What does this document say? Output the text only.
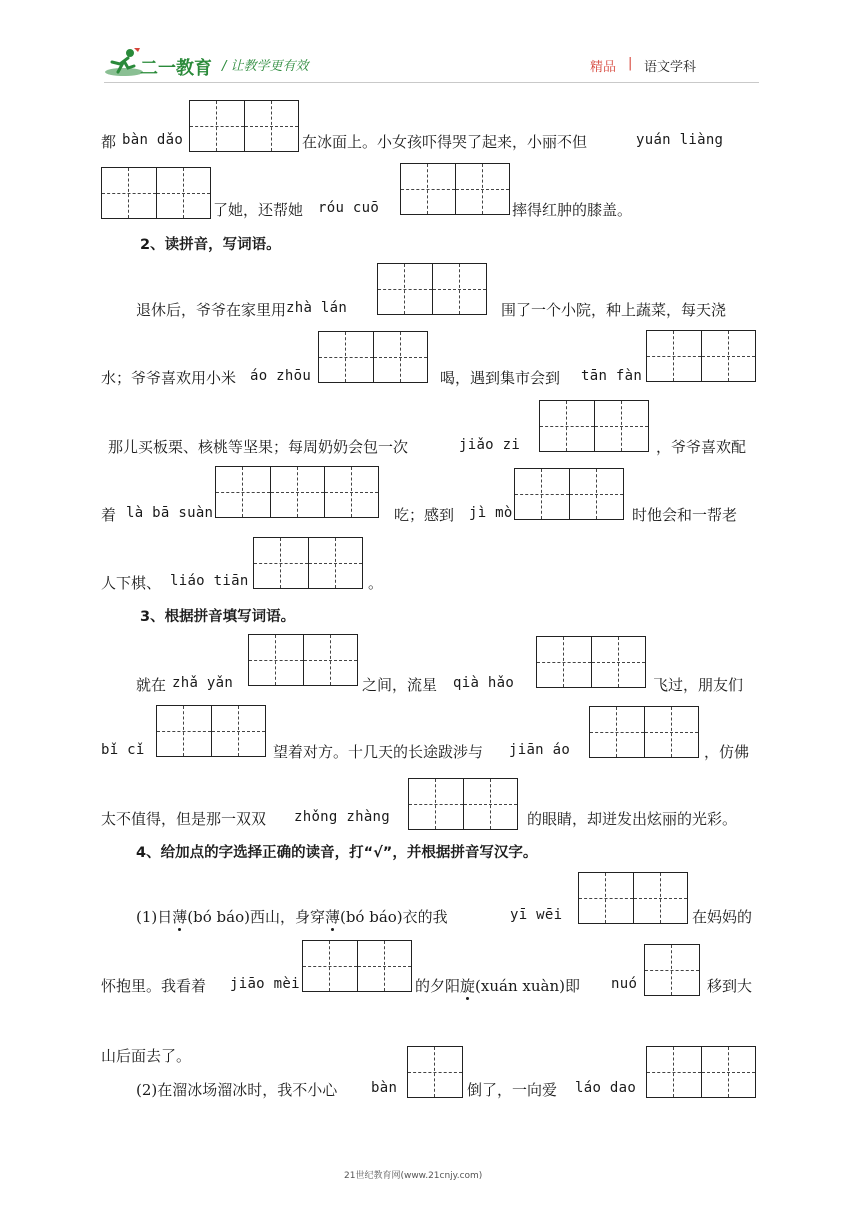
二一教育 / 让教学更有效	精品 | 语文学科
都 bàn dǎo	在冰面上。小女孩吓得哭了起来，小丽不但	yuán liàng
了她，还帮她 róu cuō	摔得红肿的膝盖。
2、读拼音，写词语。
退休后，爷爷在家里用 zhà lán	围了一个小院，种上蔬菜，每天浇
水；爷爷喜欢用小米 áo zhōu	喝，遇到集市会到 tān fàn
那儿买板栗、核桃等坚果；每周奶奶会包一次	jiǎo zi	，爷爷喜欢配
着 là bā suàn	吃；感到 jì mò	时他会和一帮老
人下棋、 liáo tiān	。
3、根据拼音填写词语。
就在 zhǎ yǎn	之间，流星 qià hǎo	飞过，朋友们
bǐ cǐ	望着对方。十几天的长途跋涉与 jiān áo	，仿佛
太不值得，但是那一双双 zhǒng zhàng	的眼睛，却迸发出炫丽的光彩。
4、给加点的字选择正确的读音，打“√”，并根据拼音写汉字。
(1)日薄(bó báo)西山，身穿薄(bó báo)衣的我	yī wēi	在妈妈的
怀抱里。我看着 jiāo mèi	的夕阳旋(xuán xuàn)即 nuó	移到大
山后面去了。
(2)在溜冰场溜冰时，我不小心 bàn	倒了，一向爱 láo dao
21世纪教育网(www.21cnjy.com)
